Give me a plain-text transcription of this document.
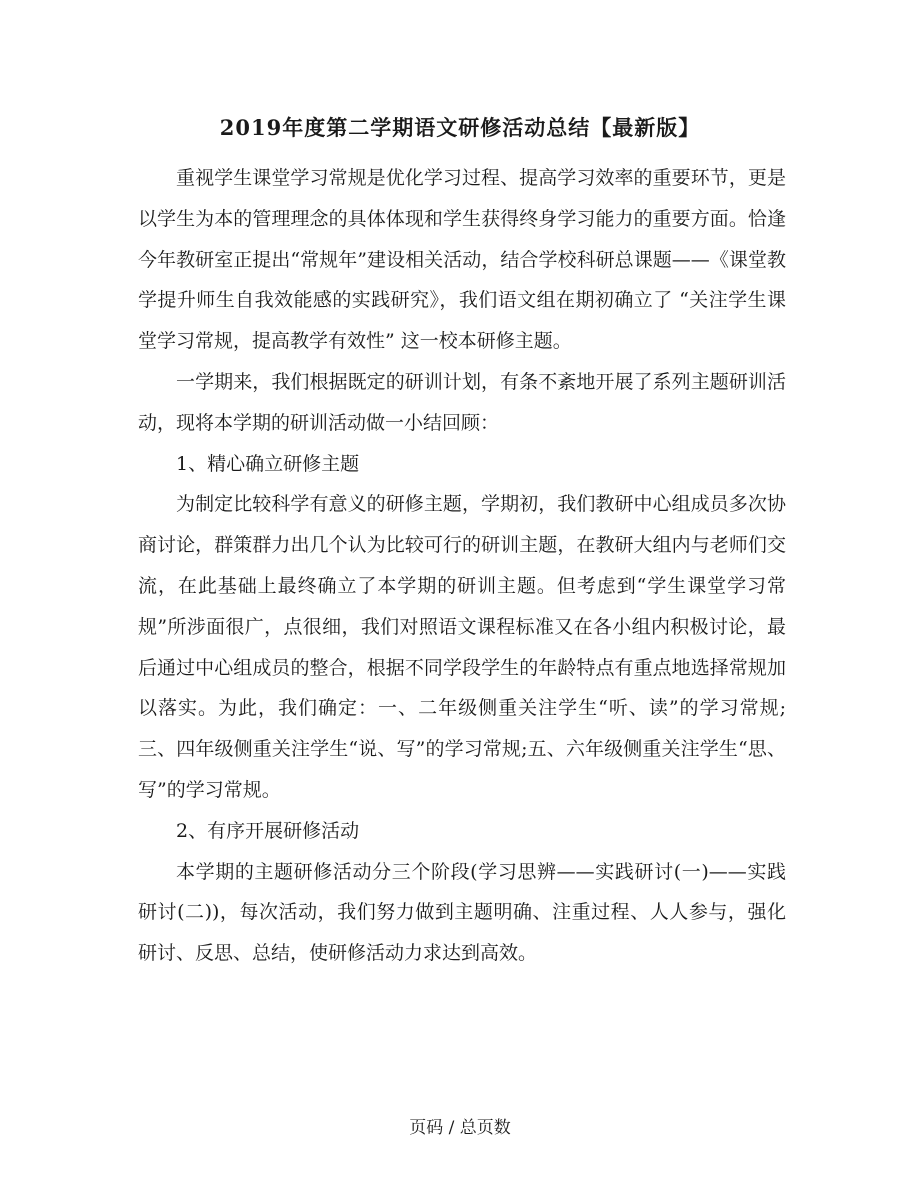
2019年度第二学期语文研修活动总结【最新版】

重视学生课堂学习常规是优化学习过程、提高学习效率的重要环节，更是以学生为本的管理理念的具体体现和学生获得终身学习能力的重要方面。恰逢今年教研室正提出“常规年”建设相关活动，结合学校科研总课题——《课堂教学提升师生自我效能感的实践研究》，我们语文组在期初确立了 “关注学生课堂学习常规，提高教学有效性” 这一校本研修主题。

一学期来，我们根据既定的研训计划，有条不紊地开展了系列主题研训活动，现将本学期的研训活动做一小结回顾：

1、精心确立研修主题

为制定比较科学有意义的研修主题，学期初，我们教研中心组成员多次协商讨论，群策群力出几个认为比较可行的研训主题，在教研大组内与老师们交流，在此基础上最终确立了本学期的研训主题。但考虑到“学生课堂学习常规”所涉面很广，点很细，我们对照语文课程标准又在各小组内积极讨论，最后通过中心组成员的整合，根据不同学段学生的年龄特点有重点地选择常规加以落实。为此，我们确定：一、二年级侧重关注学生“听、读”的学习常规;三、四年级侧重关注学生“说、写”的学习常规;五、六年级侧重关注学生“思、写”的学习常规。

2、有序开展研修活动

本学期的主题研修活动分三个阶段(学习思辨——实践研讨(一)——实践研讨(二))，每次活动，我们努力做到主题明确、注重过程、人人参与，强化研讨、反思、总结，使研修活动力求达到高效。

页码 / 总页数
